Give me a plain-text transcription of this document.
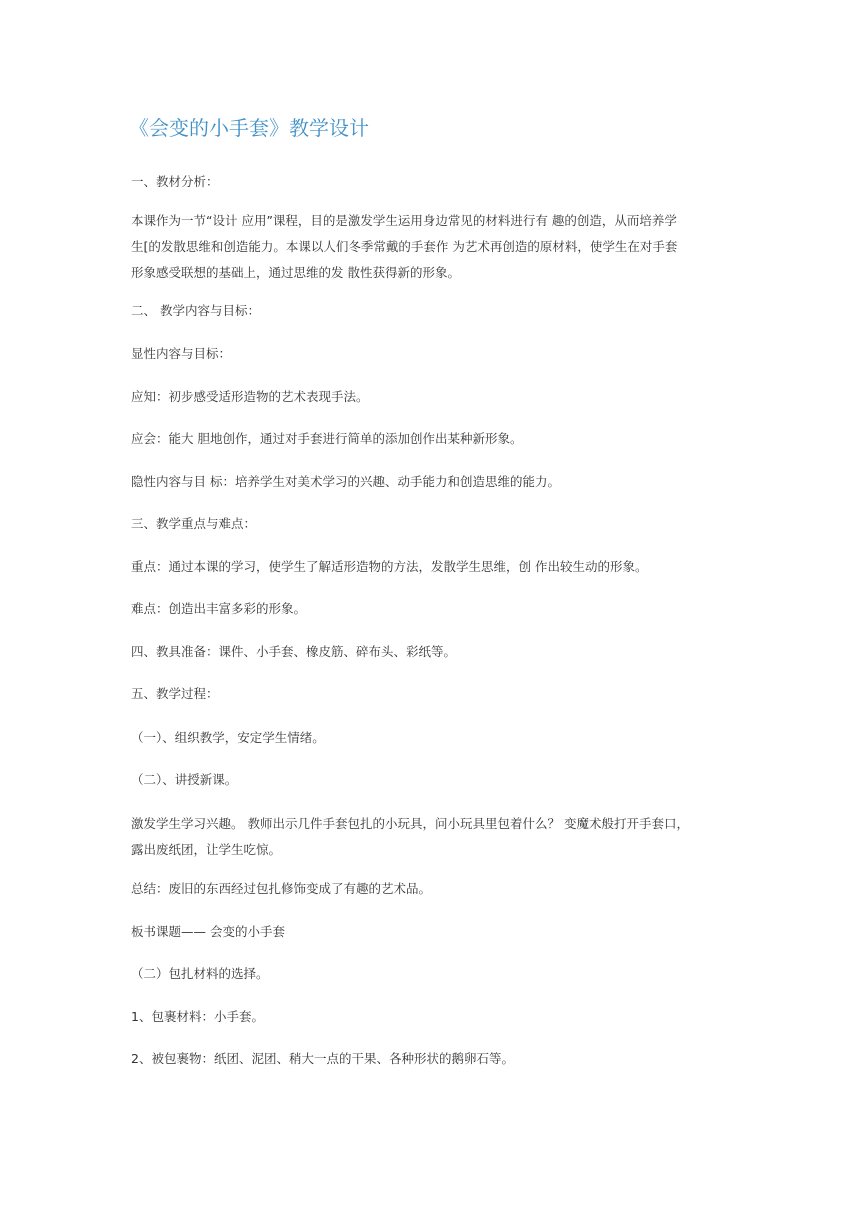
《会变的小手套》教学设计
一、教材分析：
本课作为一节“设计 应用”课程，目的是激发学生运用身边常见的材料进行有 趣的创造，从而培养学
生[的发散思维和创造能力。本课以人们冬季常戴的手套作 为艺术再创造的原材料，使学生在对手套
形象感受联想的基础上，通过思维的发 散性获得新的形象。
二、 教学内容与目标：
显性内容与目标：
应知：初步感受适形造物的艺术表现手法。
应会：能大 胆地创作，通过对手套进行简单的添加创作出某种新形象。
隐性内容与目 标：培养学生对美术学习的兴趣、动手能力和创造思维的能力。
三、教学重点与难点：
重点：通过本课的学习，使学生了解适形造物的方法，发散学生思维，创 作出较生动的形象。
难点：创造出丰富多彩的形象。
四、教具准备：课件、小手套、橡皮筋、碎布头、彩纸等。
五、教学过程：
（一）、组织教学，安定学生情绪。
（二）、讲授新课。
激发学生学习兴趣。 教师出示几件手套包扎的小玩具，问小玩具里包着什么？ 变魔术般打开手套口，
露出废纸团，让学生吃惊。
总结：废旧的东西经过包扎修饰变成了有趣的艺术品。
板书课题—— 会变的小手套
（二）包扎材料的选择。
1、包裹材料：小手套。
2、被包裹物：纸团、泥团、稍大一点的干果、各种形状的鹅卵石等。
